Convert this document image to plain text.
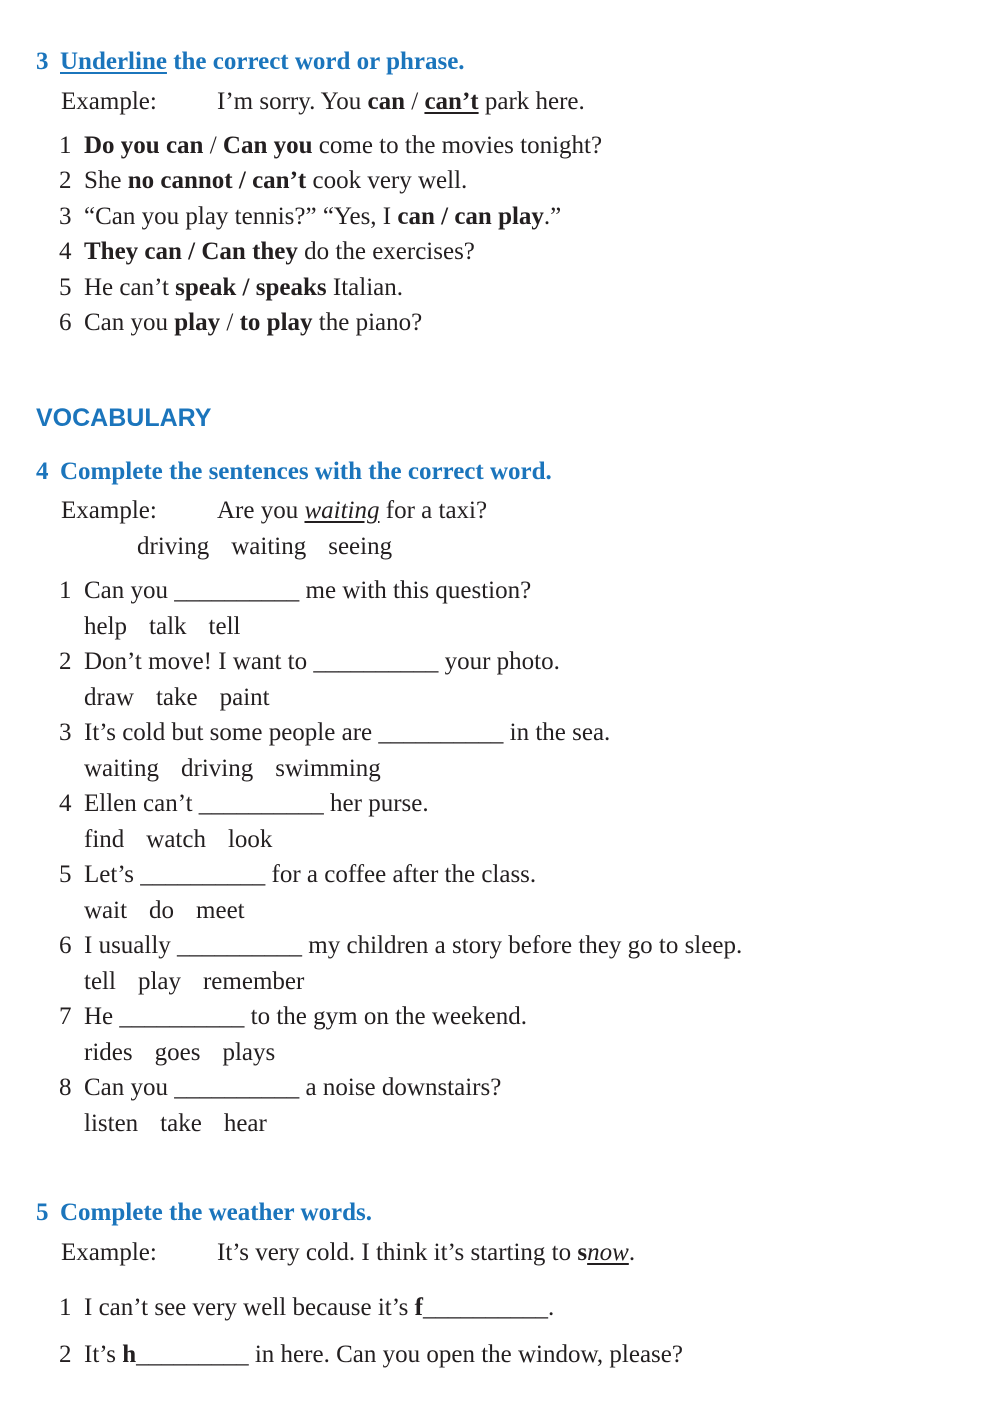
3 Underline the correct word or phrase.
Example: I’m sorry. You can / can’t park here.
1 Do you can / Can you come to the movies tonight?
2 She no cannot / can’t cook very well.
3 “Can you play tennis?” “Yes, I can / can play.”
4 They can / Can they do the exercises?
5 He can’t speak / speaks Italian.
6 Can you play / to play the piano?
VOCABULARY
4 Complete the sentences with the correct word.
Example: Are you waiting for a taxi?
driving waiting seeing
1 Can you __________ me with this question?
help talk tell
2 Don’t move! I want to __________ your photo.
draw take paint
3 It’s cold but some people are __________ in the sea.
waiting driving swimming
4 Ellen can’t __________ her purse.
find watch look
5 Let’s __________ for a coffee after the class.
wait do meet
6 I usually __________ my children a story before they go to sleep.
tell play remember
7 He __________ to the gym on the weekend.
rides goes plays
8 Can you __________ a noise downstairs?
listen take hear
5 Complete the weather words.
Example: It’s very cold. I think it’s starting to snow.
1 I can’t see very well because it’s f__________.
2 It’s h_________ in here. Can you open the window, please?
